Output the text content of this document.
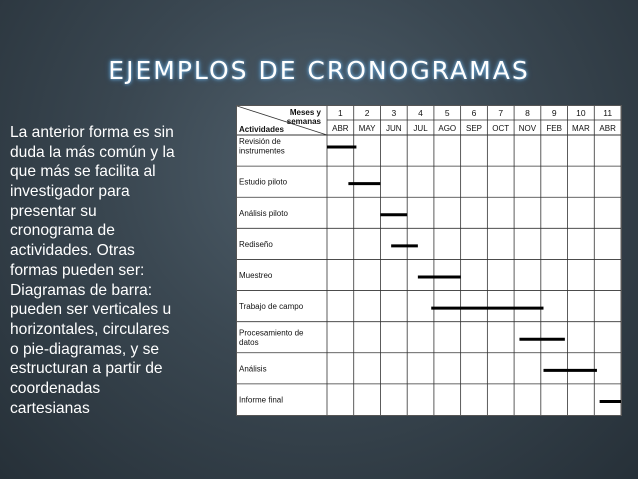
EJEMPLOS DE CRONOGRAMAS
La anterior forma es sin
duda la más común y la
que más se facilita al
investigador para
presentar su
cronograma de
actividades. Otras
formas pueden ser:
Diagramas de barra:
pueden ser verticales u
horizontales, circulares
o pie-diagramas, y se
estructuran a partir de
coordenadas
cartesianas
Meses y
semanas
Actividades
1
ABR
2
MAY
3
JUN
4
JUL
5
AGO
6
SEP
7
OCT
8
NOV
9
FEB
10
MAR
11
ABR
Revisión de
instrumentes
Estudio piloto
Análisis piloto
Rediseño
Muestreo
Trabajo de campo
Procesamiento de
datos
Análisis
Informe final
